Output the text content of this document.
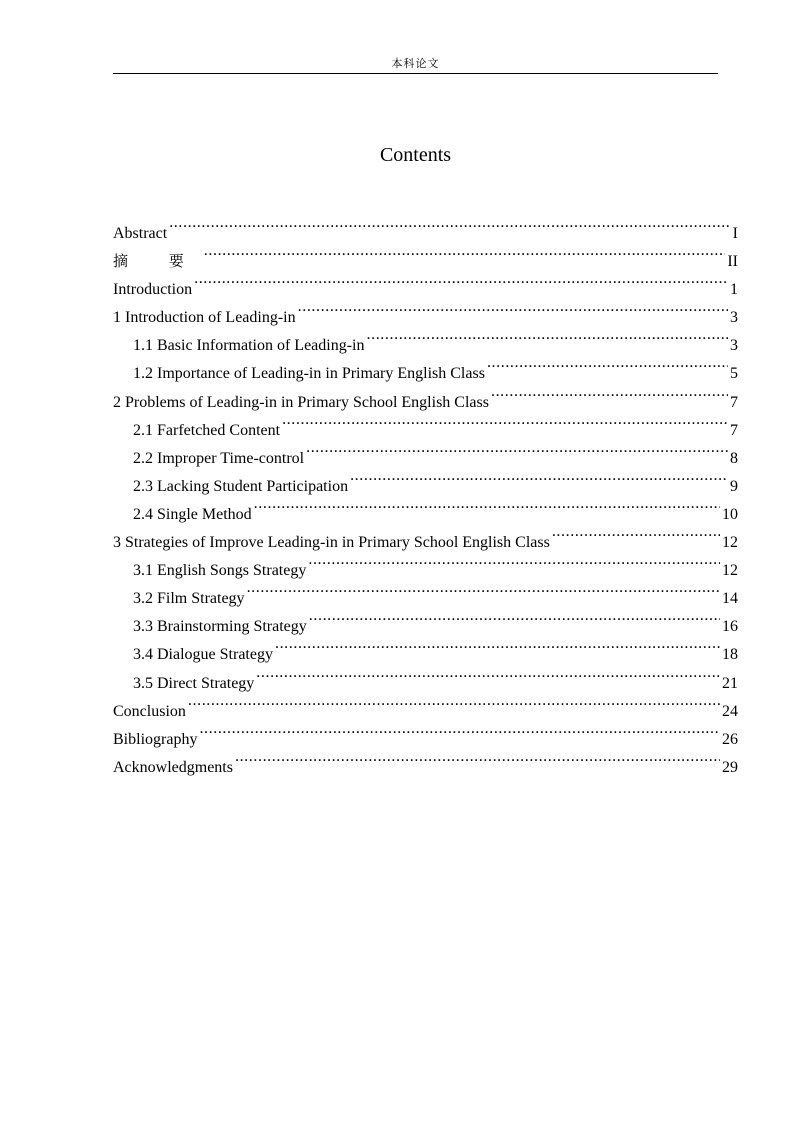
本科论文
Contents
Abstract .....	I
摘 要 .....	II
Introduction .....	1
1 Introduction of Leading-in .....	3
1.1 Basic Information of Leading-in .....	3
1.2 Importance of Leading-in in Primary English Class .....	5
2 Problems of Leading-in in Primary School English Class .....	7
2.1 Farfetched Content .....	7
2.2 Improper Time-control .....	8
2.3 Lacking Student Participation .....	9
2.4 Single Method .....	10
3 Strategies of Improve Leading-in in Primary School English Class .....	12
3.1 English Songs Strategy .....	12
3.2 Film Strategy .....	14
3.3 Brainstorming Strategy .....	16
3.4 Dialogue Strategy .....	18
3.5 Direct Strategy .....	21
Conclusion .....	24
Bibliography .....	26
Acknowledgments .....	29
